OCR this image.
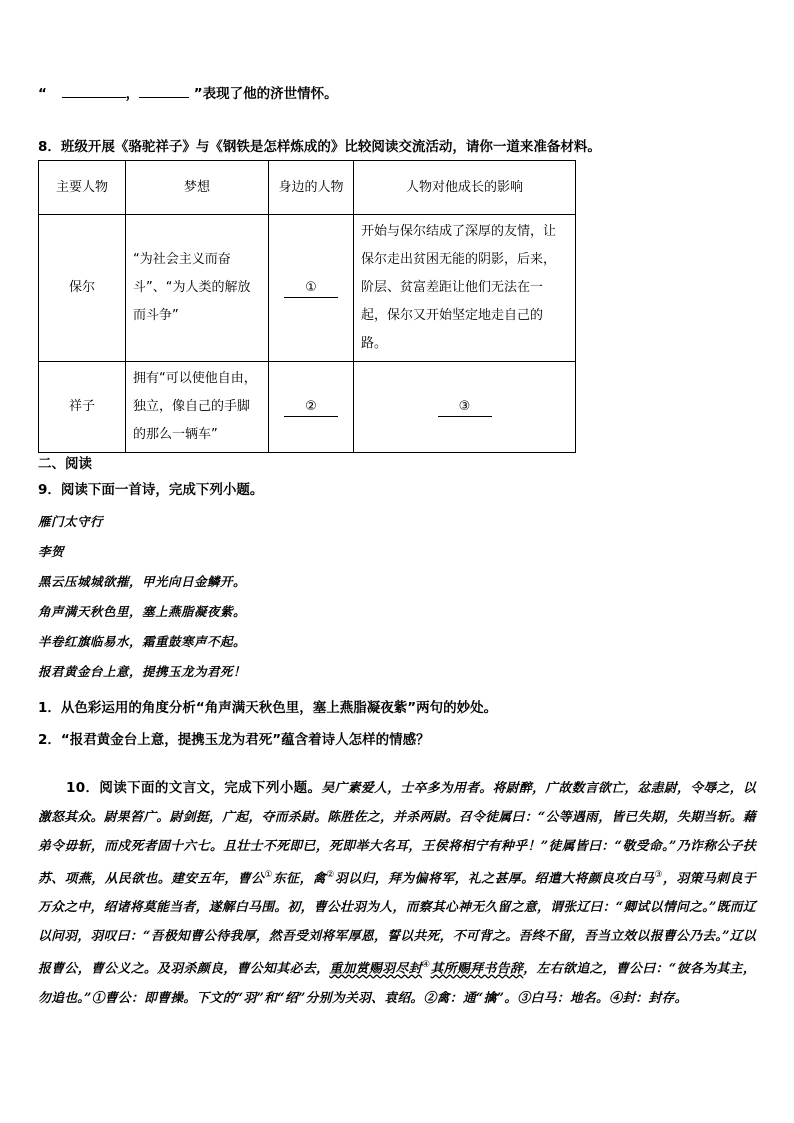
“	，	”表现了他的济世情怀。
8．班级开展《骆驼祥子》与《钢铁是怎样炼成的》比较阅读交流活动，请你一道来准备材料。
主要人物	梦想	身边的人物	人物对他成长的影响
保尔	“为社会主义而奋斗”、“为人类的解放而斗争”	①	开始与保尔结成了深厚的友情，让保尔走出贫困无能的阴影，后来，阶层、贫富差距让他们无法在一起，保尔又开始坚定地走自己的路。
祥子	拥有“可以使他自由，独立，像自己的手脚的那么一辆车”	②	③
二、阅读
9．阅读下面一首诗，完成下列小题。
雁门太守行
李贺
黑云压城城欲摧，甲光向日金鳞开。
角声满天秋色里，塞上燕脂凝夜紫。
半卷红旗临易水，霜重鼓寒声不起。
报君黄金台上意，提携玉龙为君死！
1．从色彩运用的角度分析“角声满天秋色里，塞上燕脂凝夜紫”两句的妙处。
2．“报君黄金台上意，提携玉龙为君死”蕴含着诗人怎样的情感？
10．阅读下面的文言文，完成下列小题。吴广素爱人，士卒多为用者。将尉醉，广故数言欲亡，忿恚尉，令辱之，以激怒其众。尉果笞广。尉剑挺，广起，夺而杀尉。陈胜佐之，并杀两尉。召令徒属曰：“公等遇雨，皆已失期，失期当斩。藉弟令毋斩，而戍死者固十六七。且壮士不死即已，死即举大名耳，王侯将相宁有种乎！”徒属皆曰：“敬受命。”乃诈称公子扶苏、项燕，从民欲也。建安五年，曹公①东征，禽②羽以归，拜为偏将军，礼之甚厚。绍遣大将颜良攻白马③，羽策马刺良于万众之中，绍诸将莫能当者，遂解白马围。初，曹公壮羽为人，而察其心神无久留之意，谓张辽曰：“卿试以情问之。”既而辽以问羽，羽叹曰：“吾极知曹公待我厚，然吾受刘将军厚恩，誓以共死，不可背之。吾终不留，吾当立效以报曹公乃去。”辽以报曹公，曹公义之。及羽杀颜良，曹公知其必去，重加赏赐羽尽封④其所赐拜书告辞，左右欲追之，曹公曰：“彼各为其主，勿追也。”①曹公：即曹操。下文的“羽”和“绍”分别为关羽、袁绍。②禽：通“擒”。③白马：地名。④封：封存。
